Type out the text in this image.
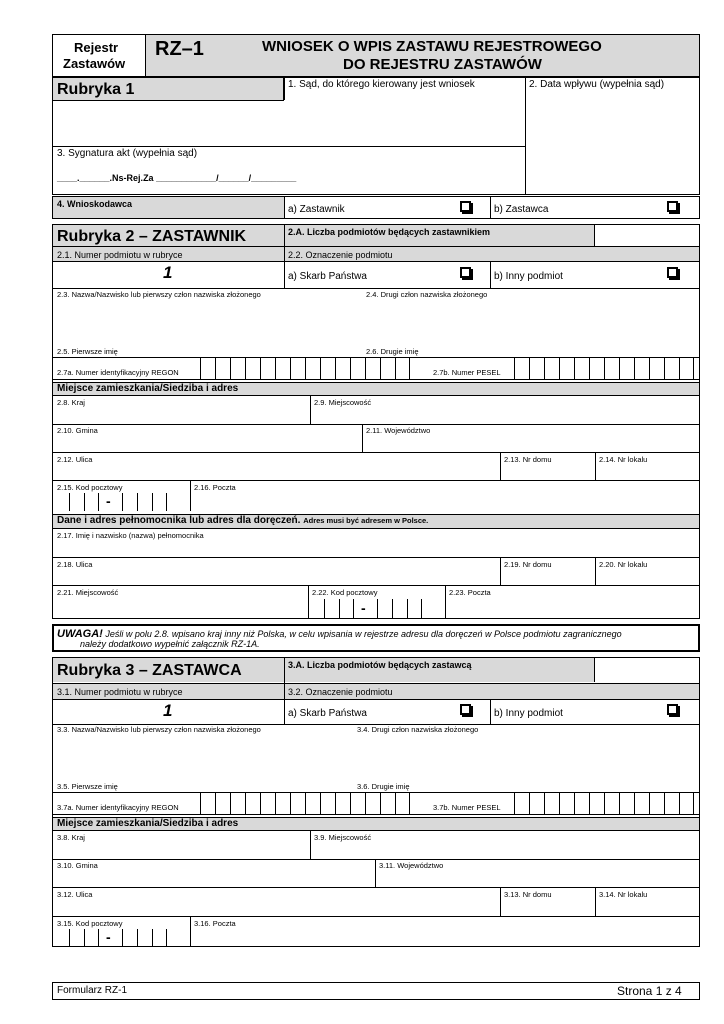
Rejestr
Zastawów
RZ–1	WNIOSEK O WPIS ZASTAWU REJESTROWEGO
DO REJESTRU ZASTAWÓW
Rubryka 1	1. Sąd, do którego kierowany jest wniosek	2. Data wpływu (wypełnia sąd)
3. Sygnatura akt (wypełnia sąd)
____.______.Ns-Rej.Za ____________/______/_________
4. Wnioskodawca	a) Zastawnik	b) Zastawca
Rubryka 2 – ZASTAWNIK	2.A. Liczba podmiotów będących zastawnikiem
2.1. Numer podmiotu w rubryce	2.2. Oznaczenie podmiotu
1	a) Skarb Państwa	b) Inny podmiot
2.3. Nazwa/Nazwisko lub pierwszy człon nazwiska złożonego	2.4. Drugi człon nazwiska złożonego
2.5. Pierwsze imię	2.6. Drugie imię
2.7a. Numer identyfikacyjny REGON	2.7b. Numer PESEL
Miejsce zamieszkania/Siedziba i adres
2.8. Kraj	2.9. Miejscowość
2.10. Gmina	2.11. Województwo
2.12. Ulica	2.13. Nr domu	2.14. Nr lokalu
2.15. Kod pocztowy
-
2.16. Poczta
Dane i adres pełnomocnika lub adres dla doręczeń. Adres musi być adresem w Polsce.
2.17. Imię i nazwisko (nazwa) pełnomocnika
2.18. Ulica	2.19. Nr domu	2.20. Nr lokalu
2.21. Miejscowość	2.22. Kod pocztowy
-
2.23. Poczta
UWAGA! Jeśli w polu 2.8. wpisano kraj inny niż Polska, w celu wpisania w rejestrze adresu dla doręczeń w Polsce podmiotu zagranicznego
należy dodatkowo wypełnić załącznik RZ-1A.
Rubryka 3 – ZASTAWCA	3.A. Liczba podmiotów będących zastawcą
3.1. Numer podmiotu w rubryce	3.2. Oznaczenie podmiotu
1	a) Skarb Państwa	b) Inny podmiot
3.3. Nazwa/Nazwisko lub pierwszy człon nazwiska złożonego	3.4. Drugi człon nazwiska złożonego
3.5. Pierwsze imię	3.6. Drugie imię
3.7a. Numer identyfikacyjny REGON	3.7b. Numer PESEL
Miejsce zamieszkania/Siedziba i adres
3.8. Kraj	3.9. Miejscowość
3.10. Gmina	3.11. Województwo
3.12. Ulica	3.13. Nr domu	3.14. Nr lokalu
3.15. Kod pocztowy
-
3.16. Poczta
Formularz RZ-1	Strona 1 z 4
